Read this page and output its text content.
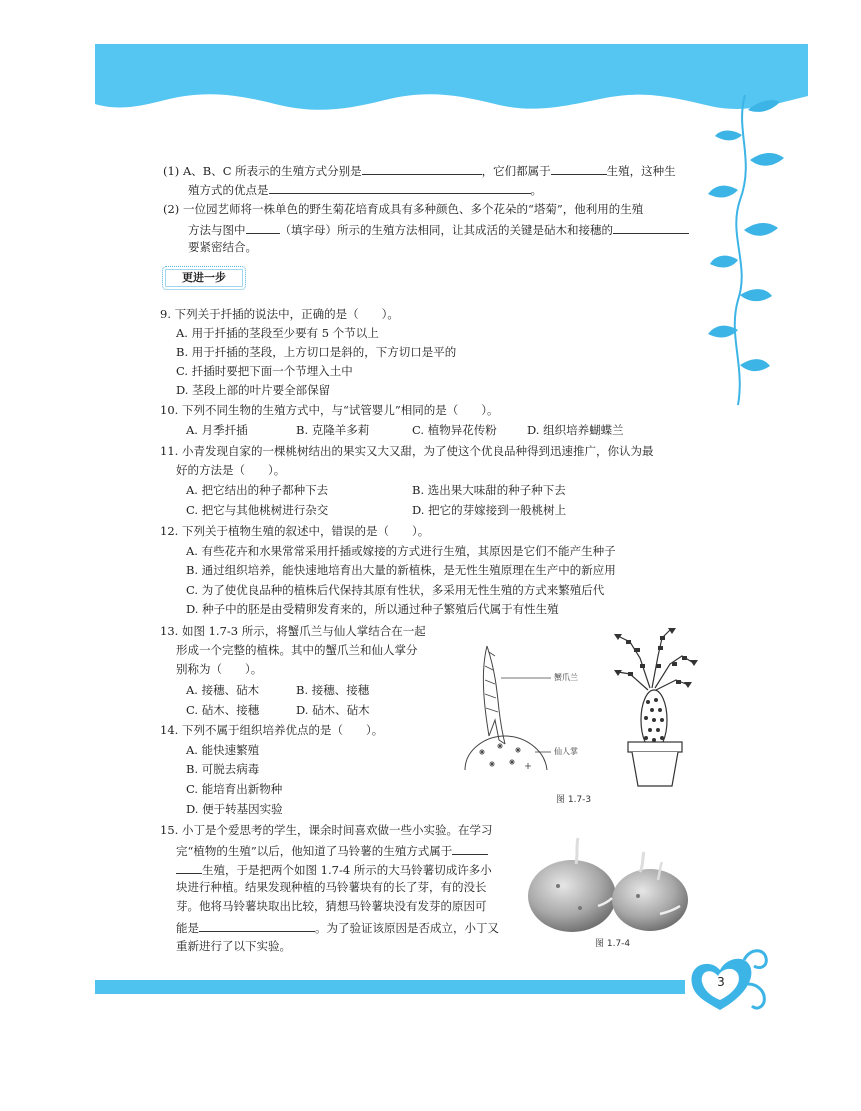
(1) A、B、C 所表示的生殖方式分别是	，它们都属于	生殖，这种生
殖方式的优点是	。
(2) 一位园艺师将一株单色的野生菊花培育成具有多种颜色、多个花朵的“塔菊”，他利用的生殖
方法与图中	（填字母）所示的生殖方法相同，让其成活的关键是砧木和接穗的
要紧密结合。
更进一步
9. 下列关于扦插的说法中，正确的是（　　）。
A. 用于扦插的茎段至少要有 5 个节以上
B. 用于扦插的茎段，上方切口是斜的，下方切口是平的
C. 扦插时要把下面一个节埋入土中
D. 茎段上部的叶片要全部保留
10. 下列不同生物的生殖方式中，与“试管婴儿”相同的是（　　）。
A. 月季扦插	B. 克隆羊多莉	C. 植物异花传粉	D. 组织培养蝴蝶兰
11. 小青发现自家的一棵桃树结出的果实又大又甜，为了使这个优良品种得到迅速推广，你认为最
好的方法是（　　）。
A. 把它结出的种子都种下去	B. 选出果大味甜的种子种下去
C. 把它与其他桃树进行杂交	D. 把它的芽嫁接到一般桃树上
12. 下列关于植物生殖的叙述中，错误的是（　　）。
A. 有些花卉和水果常常采用扦插或嫁接的方式进行生殖，其原因是它们不能产生种子
B. 通过组织培养，能快速地培育出大量的新植株，是无性生殖原理在生产中的新应用
C. 为了使优良品种的植株后代保持其原有性状，多采用无性生殖的方式来繁殖后代
D. 种子中的胚是由受精卵发育来的，所以通过种子繁殖后代属于有性生殖
13. 如图 1.7-3 所示，将蟹爪兰与仙人掌结合在一起
形成一个完整的植株。其中的蟹爪兰和仙人掌分
别称为（　　）。
A. 接穗、砧木	B. 接穗、接穗
C. 砧木、接穗	D. 砧木、砧木
14. 下列不属于组织培养优点的是（　　）。
A. 能快速繁殖
B. 可脱去病毒
C. 能培育出新物种
D. 便于转基因实验
15. 小丁是个爱思考的学生，课余时间喜欢做一些小实验。在学习
完“植物的生殖”以后，他知道了马铃薯的生殖方式属于
生殖，于是把两个如图 1.7-4 所示的大马铃薯切成许多小
块进行种植。结果发现种植的马铃薯块有的长了芽，有的没长
芽。他将马铃薯块取出比较，猜想马铃薯块没有发芽的原因可
能是	。为了验证该原因是否成立，小丁又
重新进行了以下实验。
蟹爪兰
仙人掌
图 1.7-3
图 1.7-4
3
